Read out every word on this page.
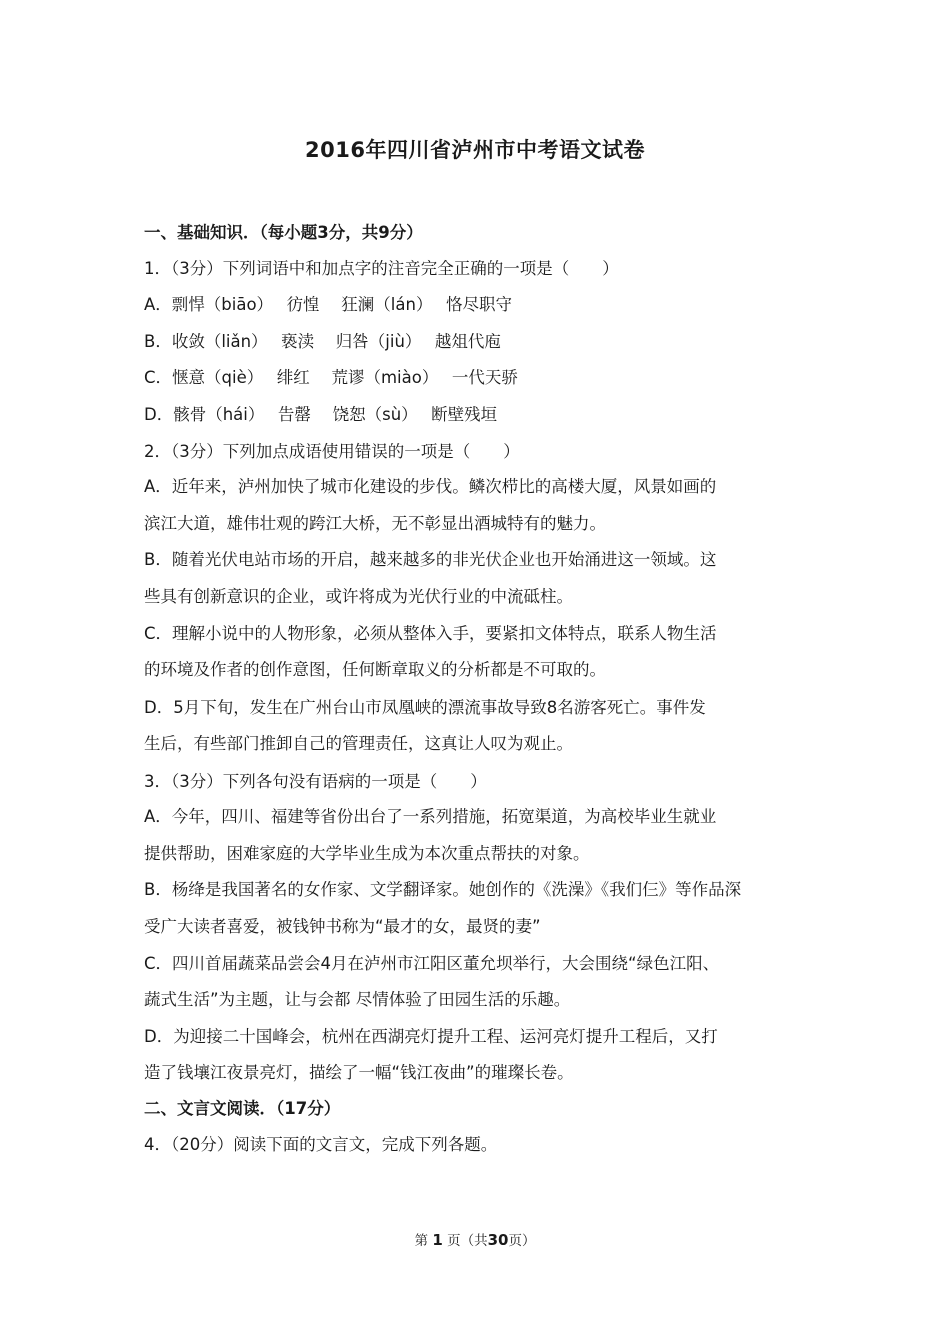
2016年四川省泸州市中考语文试卷
一、基础知识．（每小题3分，共9分）
1．（3分）下列词语中和加点字的注音完全正确的一项是（　　）
A．剽悍（biāo）　 彷惶　 狂澜（lán）　 恪尽职守
B．收敛（liǎn）　 亵渎　 归咎（jiù）　 越俎代庖
C．惬意（qiè）　 绯红　 荒谬（miào）　 一代天骄
D．骸骨（hái）　 告罄　 饶恕（sù）　 断壁残垣
2．（3分）下列加点成语使用错误的一项是（　　）
A．近年来，泸州加快了城市化建设的步伐。鳞次栉比的高楼大厦，风景如画的
滨江大道，雄伟壮观的跨江大桥，无不彰显出酒城特有的魅力。
B．随着光伏电站市场的开启，越来越多的非光伏企业也开始涌进这一领域。这
些具有创新意识的企业，或许将成为光伏行业的中流砥柱。
C．理解小说中的人物形象，必须从整体入手，要紧扣文体特点，联系人物生活
的环境及作者的创作意图，任何断章取义的分析都是不可取的。
D．5月下旬，发生在广州台山市凤凰峡的漂流事故导致8名游客死亡。事件发
生后，有些部门推卸自己的管理责任，这真让人叹为观止。
3．（3分）下列各句没有语病的一项是（　　）
A．今年，四川、福建等省份出台了一系列措施，拓宽渠道，为高校毕业生就业
提供帮助，困难家庭的大学毕业生成为本次重点帮扶的对象。
B．杨绛是我国著名的女作家、文学翻译家。她创作的《洗澡》《我们仨》等作品深
受广大读者喜爱，被钱钟书称为“最才的女，最贤的妻”
C．四川首届蔬菜品尝会4月在泸州市江阳区董允坝举行，大会围绕“绿色江阳、
蔬式生活”为主题，让与会都 尽情体验了田园生活的乐趣。
D．为迎接二十国峰会，杭州在西湖亮灯提升工程、运河亮灯提升工程后，又打
造了钱壤江夜景亮灯，描绘了一幅“钱江夜曲”的璀璨长卷。
二、文言文阅读．（17分）
4．（20分）阅读下面的文言文，完成下列各题。
第 1 页（共30页）
